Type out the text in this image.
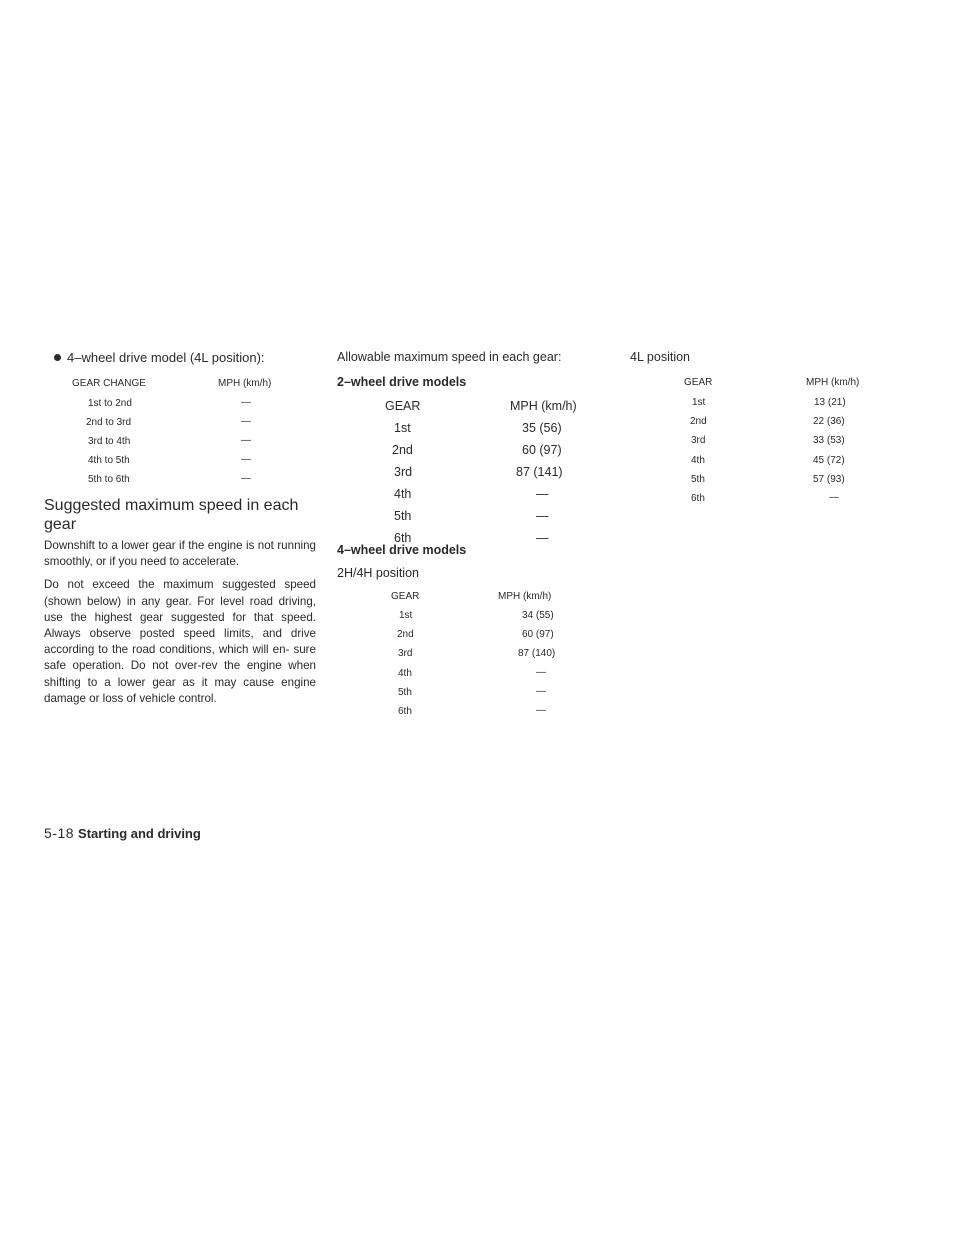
4–wheel drive model (4L position):
GEAR CHANGE	MPH (km/h)
1st to 2nd	—
2nd to 3rd	—
3rd to 4th	—
4th to 5th	—
5th to 6th	—
Suggested maximum speed in each
gear

Downshift to a lower gear if the engine is not running smoothly, or if you need to accelerate.

Do not exceed the maximum suggested speed (shown below) in any gear. For level road driving, use the highest gear suggested for that speed. Always observe posted speed limits, and drive according to the road conditions, which will en- sure safe operation. Do not over-rev the engine when shifting to a lower gear as it may cause engine damage or loss of vehicle control.

Allowable maximum speed in each gear:
2–wheel drive models
GEAR	MPH (km/h)
1st	35 (56)
2nd	60 (97)
3rd	87 (141)
4th	—
5th	—
6th	—
4–wheel drive models
2H/4H position
GEAR	MPH (km/h)
1st	34 (55)
2nd	60 (97)
3rd	87 (140)
4th	—
5th	—
6th	—
4L position
GEAR	MPH (km/h)
1st	13 (21)
2nd	22 (36)
3rd	33 (53)
4th	45 (72)
5th	57 (93)
6th	—
5-18 Starting and driving
